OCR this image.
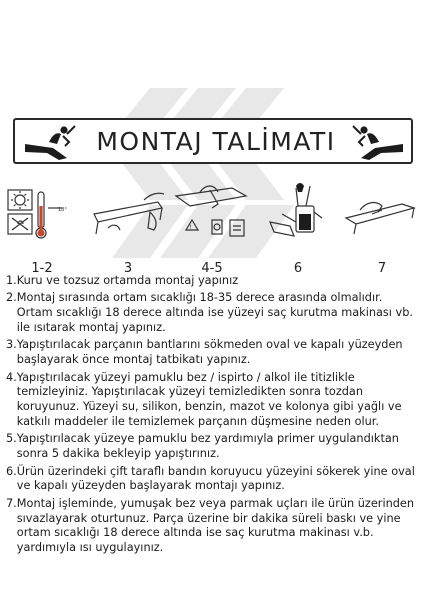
MONTAJ TALİMATI
18°
1-2	3
!
4-5	6	7
1. Kuru ve tozsuz ortamda montaj yapınız
2. Montaj sırasında ortam sıcaklığı 18-35 derece arasında olmalıdır. Ortam sıcaklığı 18 derece altında ise yüzeyi saç kurutma makinası vb. ile ısıtarak montaj yapınız.
3. Yapıştırılacak parçanın bantlarını sökmeden oval ve kapalı yüzeyden başlayarak önce montaj tatbikatı yapınız.
4. Yapıştırılacak yüzeyi pamuklu bez / ispirto / alkol ile titizlikle temizleyiniz. Yapıştırılacak yüzeyi temizledikten sonra tozdan koruyunuz. Yüzeyi su, silikon, benzin, mazot ve kolonya gibi yağlı ve katkılı maddeler ile temizlemek parçanın düşmesine neden olur.
5. Yapıştırılacak yüzeye pamuklu bez yardımıyla primer uygulandıktan sonra 5 dakika bekleyip yapıştırınız.
6. Ürün üzerindeki çift taraflı bandın koruyucu yüzeyini sökerek yine oval ve kapalı yüzeyden başlayarak montajı yapınız.
7. Montaj işleminde, yumuşak bez veya parmak uçları ile ürün üzerinden sıvazlayarak oturtunuz. Parça üzerine bir dakika süreli baskı ve yine ortam sıcaklığı 18 derece altında ise saç kurutma makinası v.b. yardımıyla ısı uygulayınız.
